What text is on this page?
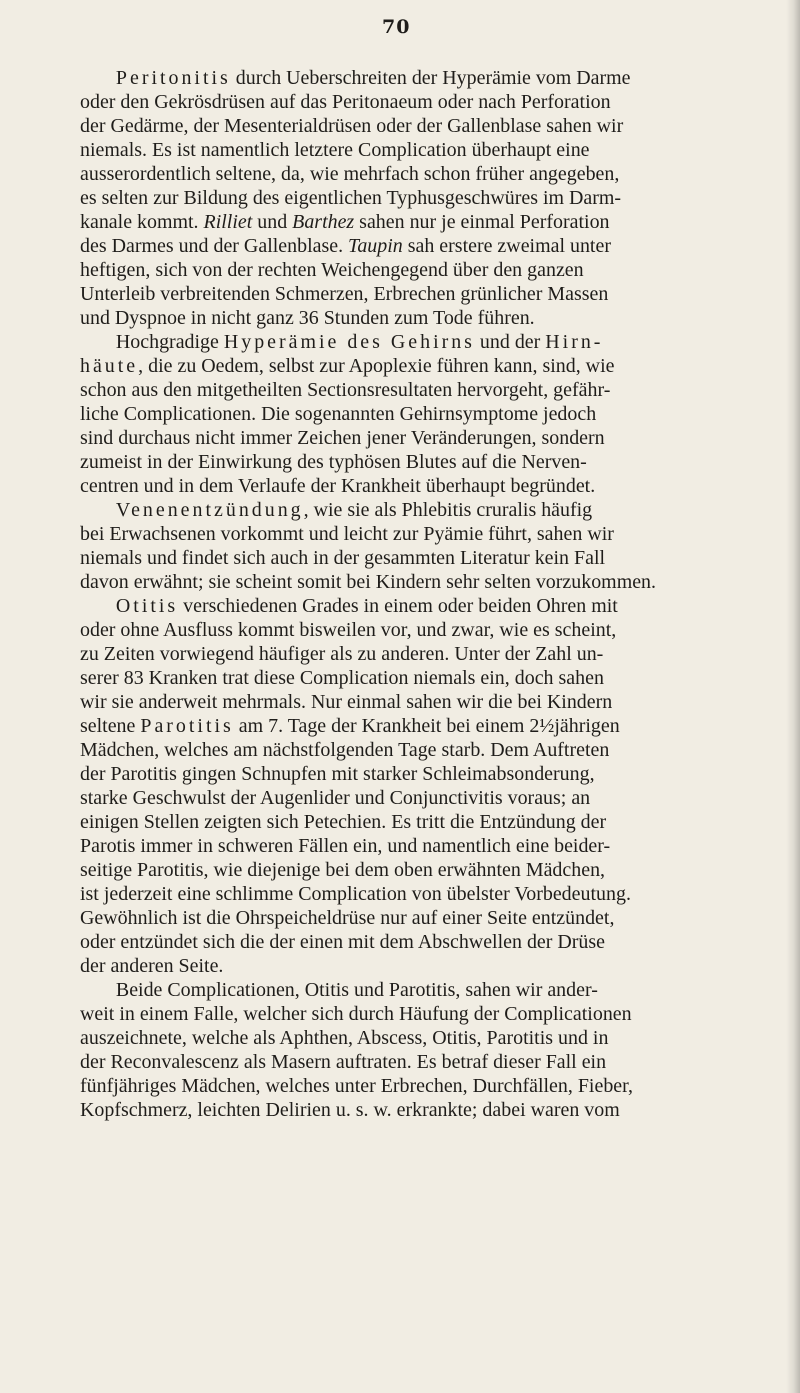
70
Peritonitis durch Ueberschreiten der Hyperämie vom Darme
oder den Gekrösdrüsen auf das Peritonaeum oder nach Perforation
der Gedärme, der Mesenterialdrüsen oder der Gallenblase sahen wir
niemals. Es ist namentlich letztere Complication überhaupt eine
ausserordentlich seltene, da, wie mehrfach schon früher angegeben,
es selten zur Bildung des eigentlichen Typhusgeschwüres im Darm-
kanale kommt. Rilliet und Barthez sahen nur je einmal Perforation
des Darmes und der Gallenblase. Taupin sah erstere zweimal unter
heftigen, sich von der rechten Weichengegend über den ganzen
Unterleib verbreitenden Schmerzen, Erbrechen grünlicher Massen
und Dyspnoe in nicht ganz 36 Stunden zum Tode führen.
Hochgradige Hyperämie des Gehirns und der Hirn-
häute, die zu Oedem, selbst zur Apoplexie führen kann, sind, wie
schon aus den mitgetheilten Sectionsresultaten hervorgeht, gefähr-
liche Complicationen. Die sogenannten Gehirnsymptome jedoch
sind durchaus nicht immer Zeichen jener Veränderungen, sondern
zumeist in der Einwirkung des typhösen Blutes auf die Nerven-
centren und in dem Verlaufe der Krankheit überhaupt begründet.
Venenentzündung, wie sie als Phlebitis cruralis häufig
bei Erwachsenen vorkommt und leicht zur Pyämie führt, sahen wir
niemals und findet sich auch in der gesammten Literatur kein Fall
davon erwähnt; sie scheint somit bei Kindern sehr selten vorzukommen.
Otitis verschiedenen Grades in einem oder beiden Ohren mit
oder ohne Ausfluss kommt bisweilen vor, und zwar, wie es scheint,
zu Zeiten vorwiegend häufiger als zu anderen. Unter der Zahl un-
serer 83 Kranken trat diese Complication niemals ein, doch sahen
wir sie anderweit mehrmals. Nur einmal sahen wir die bei Kindern
seltene Parotitis am 7. Tage der Krankheit bei einem 2½jährigen
Mädchen, welches am nächstfolgenden Tage starb. Dem Auftreten
der Parotitis gingen Schnupfen mit starker Schleimabsonderung,
starke Geschwulst der Augenlider und Conjunctivitis voraus; an
einigen Stellen zeigten sich Petechien. Es tritt die Entzündung der
Parotis immer in schweren Fällen ein, und namentlich eine beider-
seitige Parotitis, wie diejenige bei dem oben erwähnten Mädchen,
ist jederzeit eine schlimme Complication von übelster Vorbedeutung.
Gewöhnlich ist die Ohrspeicheldrüse nur auf einer Seite entzündet,
oder entzündet sich die der einen mit dem Abschwellen der Drüse
der anderen Seite.
Beide Complicationen, Otitis und Parotitis, sahen wir ander-
weit in einem Falle, welcher sich durch Häufung der Complicationen
auszeichnete, welche als Aphthen, Abscess, Otitis, Parotitis und in
der Reconvalescenz als Masern auftraten. Es betraf dieser Fall ein
fünfjähriges Mädchen, welches unter Erbrechen, Durchfällen, Fieber,
Kopfschmerz, leichten Delirien u. s. w. erkrankte; dabei waren vom
